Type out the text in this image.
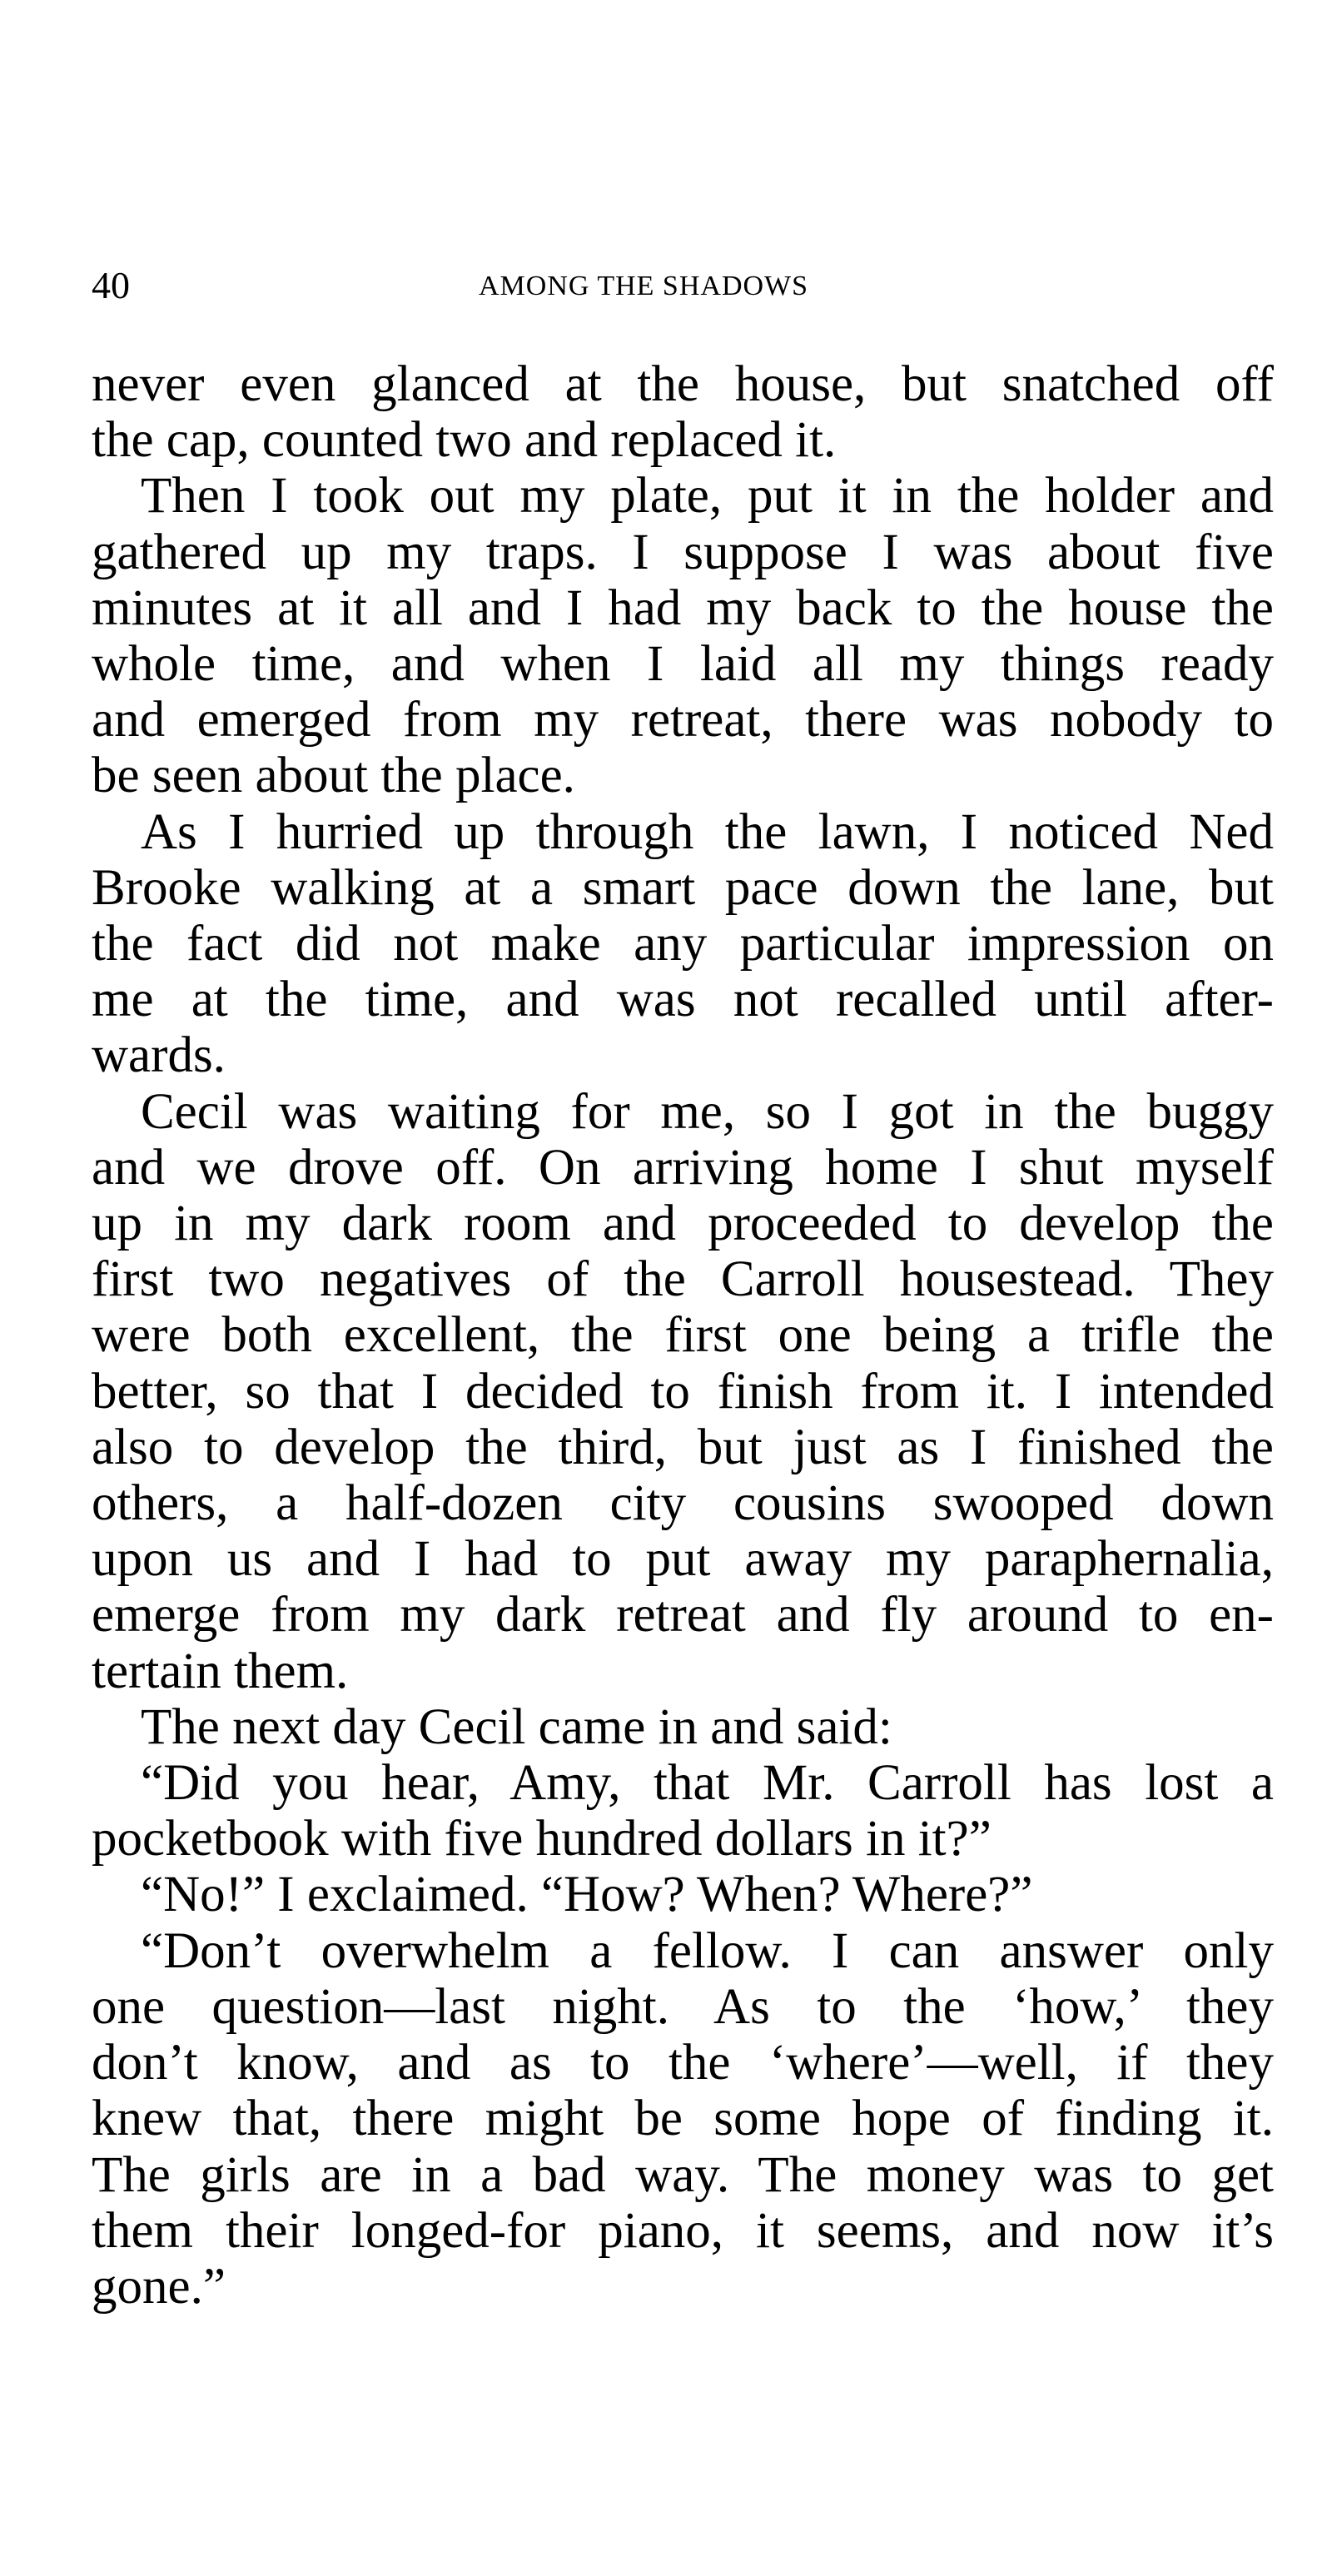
40	AMONG THE SHADOWS
never even glanced at the house, but snatched off
the cap, counted two and replaced it.
Then I took out my plate, put it in the holder and
gathered up my traps. I suppose I was about five
minutes at it all and I had my back to the house the
whole time, and when I laid all my things ready
and emerged from my retreat, there was nobody to
be seen about the place.
As I hurried up through the lawn, I noticed Ned
Brooke walking at a smart pace down the lane, but
the fact did not make any particular impression on
me at the time, and was not recalled until after-
wards.
Cecil was waiting for me, so I got in the buggy
and we drove off. On arriving home I shut myself
up in my dark room and proceeded to develop the
first two negatives of the Carroll housestead. They
were both excellent, the first one being a trifle the
better, so that I decided to finish from it. I intended
also to develop the third, but just as I finished the
others, a half-dozen city cousins swooped down
upon us and I had to put away my paraphernalia,
emerge from my dark retreat and fly around to en-
tertain them.
The next day Cecil came in and said:
“Did you hear, Amy, that Mr. Carroll has lost a
pocketbook with five hundred dollars in it?”
“No!” I exclaimed. “How? When? Where?”
“Don’t overwhelm a fellow. I can answer only
one question—last night. As to the ‘how,’ they
don’t know, and as to the ‘where’—well, if they
knew that, there might be some hope of finding it.
The girls are in a bad way. The money was to get
them their longed-for piano, it seems, and now it’s
gone.”
